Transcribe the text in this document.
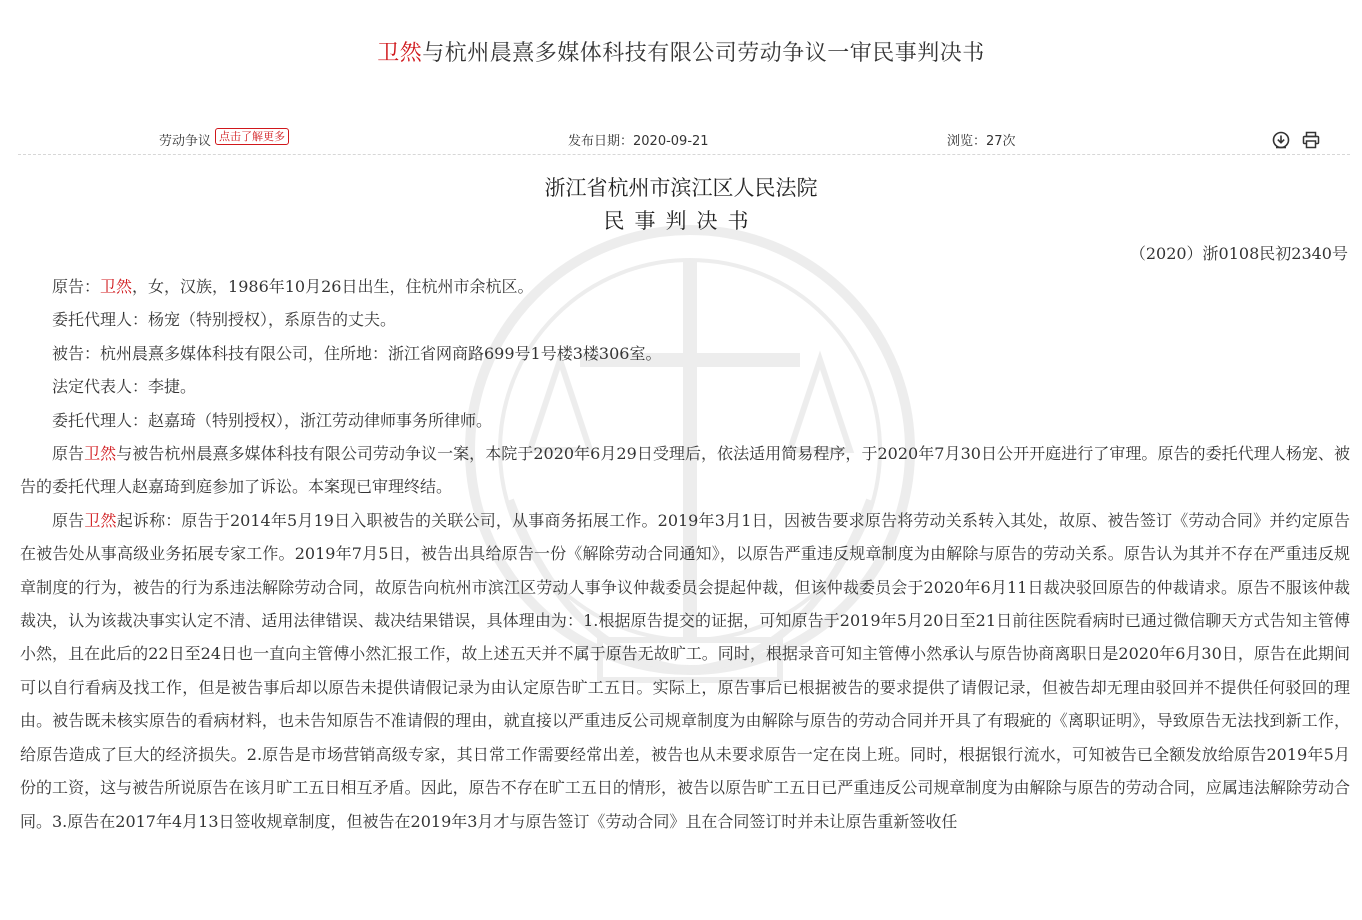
卫然与杭州晨熹多媒体科技有限公司劳动争议一审民事判决书
劳动争议 点击了解更多	发布日期：2020-09-21	浏览：27次
浙江省杭州市滨江区人民法院
民事判决书
（2020）浙0108民初2340号

原告：卫然，女，汉族，1986年10月26日出生，住杭州市余杭区。

委托代理人：杨宠（特别授权），系原告的丈夫。

被告：杭州晨熹多媒体科技有限公司，住所地：浙江省网商路699号1号楼3楼306室。

法定代表人：李捷。

委托代理人：赵嘉琦（特别授权），浙江劳动律师事务所律师。

原告卫然与被告杭州晨熹多媒体科技有限公司劳动争议一案，本院于2020年6月29日受理后，依法适用简易程序，于2020年7月30日公开开庭进行了审理。原告的委托代理人杨宠、被告的委托代理人赵嘉琦到庭参加了诉讼。本案现已审理终结。

原告卫然起诉称：原告于2014年5月19日入职被告的关联公司，从事商务拓展工作。2019年3月1日，因被告要求原告将劳动关系转入其处，故原、被告签订《劳动合同》并约定原告在被告处从事高级业务拓展专家工作。2019年7月5日，被告出具给原告一份《解除劳动合同通知》，以原告严重违反规章制度为由解除与原告的劳动关系。原告认为其并不存在严重违反规章制度的行为，被告的行为系违法解除劳动合同，故原告向杭州市滨江区劳动人事争议仲裁委员会提起仲裁，但该仲裁委员会于2020年6月11日裁决驳回原告的仲裁请求。原告不服该仲裁裁决，认为该裁决事实认定不清、适用法律错误、裁决结果错误，具体理由为：1.根据原告提交的证据，可知原告于2019年5月20日至21日前往医院看病时已通过微信聊天方式告知主管傅小然，且在此后的22日至24日也一直向主管傅小然汇报工作，故上述五天并不属于原告无故旷工。同时，根据录音可知主管傅小然承认与原告协商离职日是2020年6月30日，原告在此期间可以自行看病及找工作，但是被告事后却以原告未提供请假记录为由认定原告旷工五日。实际上，原告事后已根据被告的要求提供了请假记录，但被告却无理由驳回并不提供任何驳回的理由。被告既未核实原告的看病材料，也未告知原告不准请假的理由，就直接以严重违反公司规章制度为由解除与原告的劳动合同并开具了有瑕疵的《离职证明》，导致原告无法找到新工作，给原告造成了巨大的经济损失。2.原告是市场营销高级专家，其日常工作需要经常出差，被告也从未要求原告一定在岗上班。同时，根据银行流水，可知被告已全额发放给原告2019年5月份的工资，这与被告所说原告在该月旷工五日相互矛盾。因此，原告不存在旷工五日的情形，被告以原告旷工五日已严重违反公司规章制度为由解除与原告的劳动合同，应属违法解除劳动合同。3.原告在2017年4月13日签收规章制度，但被告在2019年3月才与原告签订《劳动合同》且在合同签订时并未让原告重新签收任
